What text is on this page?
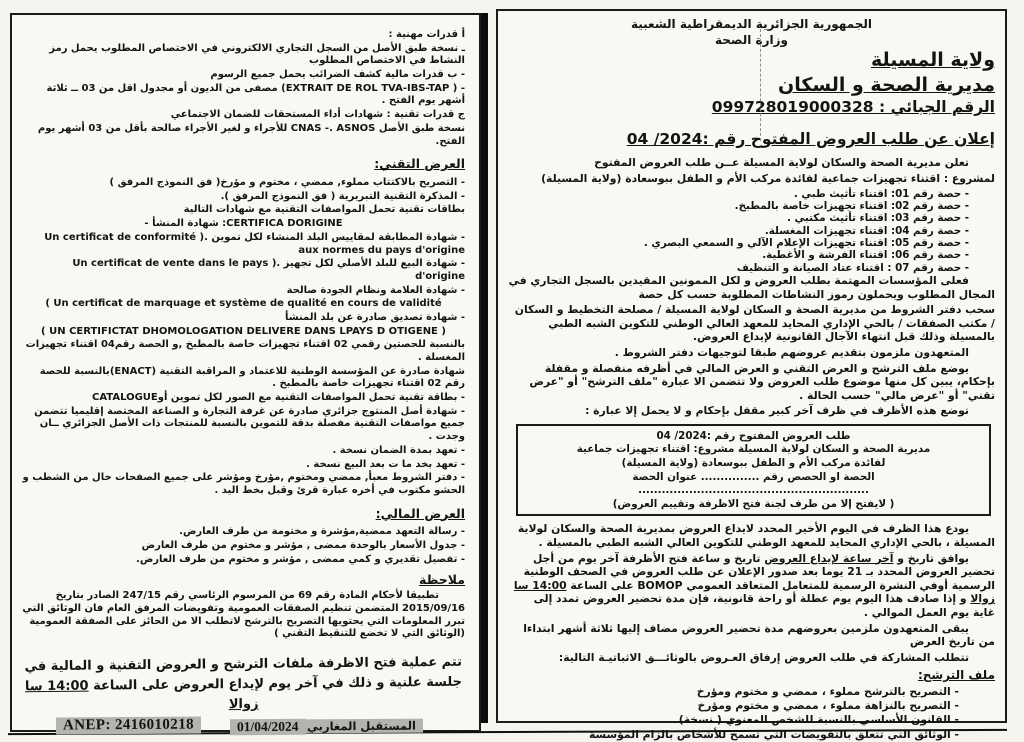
أ قدرات مهنية :
ـ نسخة طبق الأصل من السجل التجاري الالكتروني في الاختصاص المطلوب يحمل رمز النشاط في الاختصاص المطلوب
- ب قدرات مالية كشف الضرائب يحمل جميع الرسوم
- ( EXTRAIT DE ROL TVA-IBS-TAP) مصفى من الديون أو مجدول اقل من 03 ــ ثلاثة أشهر يوم الفتح .
ج قدرات تقنية : شهادات أداء المستحقات للضمان الاجتماعي
نسخة طبق الأصل CNAS -. ASNOS للأجراء و لغير الأجراء صالحة بأقل من 03 أشهر يوم الفتح.
العرض التقني:
- التصريح بالاكتتاب مملوء, ممضي ، مختوم و مؤرخ( فق النموذج المرفق )
- المذكرة التقنية التبريرية ( فق النموذج المرفق ).
بطاقات تقنية تحمل المواصفات التقنية مع شهادات التالية
- شهادة المنشأ :CERTIFICA DORIGINE
- شهادة المطابقة لمقاييس البلد المنشاء لكل تموين .( Un certificat de conformité aux normes du pays d'origine
- شهادة البيع للبلد الأصلي لكل تجهيز .( Un certificat de vente dans le pays d'origine
- شهادة العلامة ونظام الجودة صالحة
( Un certificat de marquage et système de qualité en cours de validité
- شهادة تصديق صادرة عن بلد المنشأ
( UN CERTIFICTAT DHOMOLOGATION DELIVERE DANS LPAYS D OTIGENE )
بالنسبة للحصتين رقمي 02 اقتناء تجهيزات خاصة بالمطبخ ,و الحصة رقم04 اقتناء تجهيزات المغسلة .
شهادة صادرة عن المؤسسة الوطنية للاعتماد و المراقبة التقنية (ENACT)بالنسبة للحصة رقم 02 اقتناء تجهيزات خاصة بالمطبخ .
- بطاقة تقنية تحمل المواصفات التقنية مع الصور لكل تموين أوCATALOGUE
- شهادة أصل المنتوج جزائري صادرة عن غرفة التجارة و الصناعة المختصة إقليميا تتضمن جميع مواصفات التقنية مفصلة بدقة للتموين بالنسبة للمنتجات ذات الأصل الجزائري ــان وجدت .
- تعهد بمدة الضمان نسخة .
- تعهد بخد ما ت بعد البيع نسخة .
- دفتر الشروط معبأ, ممضي ومختوم ,مؤرخ ومؤشر على جميع الصفحات خال من الشطب و الحشو مكتوب في أخره عبارة قرئ وقبل بخط اليد .
العرض المالي:
- رسالة التعهد ممضية,مؤشرة و مختومة من طرف العارض.
- جدول الأسعار بالوحدة ممضى , مؤشر و مختوم من طرف العارض
- تفصيل تقديري و كمي ممضى , مؤشر و مختوم من طرف العارض.
ملاحظة
تطبيقا لأحكام المادة رقم 69 من المرسوم الرئاسي رقم 247/15 الصادر بتاريخ 2015/09/16 المتضمن تنظيم الصفقات العمومية وتفويضات المرفق العام فان الوثائق التي تبرر المعلومات التي يحتويها التصريح بالترشح لاتطلب الا من الحائز على الصفقة العمومية (الوثائق التي لا تخضع للتنقيط التقني )
تتم عملية فتح الاظرفة ملفات الترشح و العروض التقنية و المالية في جلسة علنية و ذلك في آخر يوم لإيداع العروض على الساعة 14:00 سا زوالا
الجمهورية الجزائرية الديمقراطية الشعبية
وزارة الصحة
ولاية المسيلة
مديرية الصحة و السكان
الرقم الجبائي : 099728019000328
إعلان عن طلب العروض المفتوح رقم :2024/ 04
تعلن مديرية الصحة والسكان لولاية المسيلة عــن طلب العروض المفتوح
لمشروع : اقتناء تجهيزات جماعية لفائدة مركب الأم و الطفل ببوسعادة (ولاية المسيلة)
- حصة رقم 01: اقتناء تأثيث طبي .
- حصة رقم 02: اقتناء تجهيزات خاصة بالمطبخ.
- حصة رقم 03: اقتناء تأثيث مكتبي .
- حصة رقم 04: اقتناء تجهيزات المغسلة.
- حصة رقم 05: اقتناء تجهيزات الإعلام الآلي و السمعي البصري .
- حصة رقم 06: اقتناء الفرشة و الأغطية.
- حصة رقم 07 : اقتناء عتاد الصيانة و التنظيف
فعلى المؤسسات المهتمة بطلب العروض و لكل الممونين المقيدين بالسجل التجاري في المجال المطلوب ويحملون رموز النشاطات المطلوبة حسب كل حصة
سحب دفتر الشروط من مديرية الصحة و السكان لولاية المسيلة / مصلحة التخطيط و السكان / مكتب الصفقات / بالحي الإداري المحايد للمعهد العالي الوطني للتكوين الشبه الطبي بالمسيلة وذلك قبل انتهاء الآجال القانونية لإيداع العروض.
المتعهدون ملزمون بتقديم عروضهم طبقا لتوجيهات دفتر الشروط .
يوضع ملف الترشح و العرض التقني و العرض المالي في أظرفه منفصلة و مقفلة بإحكام، يبين كل منها موضوع طلب العروض ولا تتضمن الا عبارة "ملف الترشح" أو "عرض تقني" أو "عرض مالي" حسب الحالة .
توضع هذه الأظرف في ظرف آخر كبير مقفل بإحكام و لا يحمل إلا عبارة :
طلب العروض المفتوح رقم :2024/ 04
مديرية الصحة و السكان لولاية المسيلة مشروع: اقتناء تجهيزات جماعية
لفائدة مركب الأم و الطفل ببوسعادة (ولاية المسيلة)
الحصة او الحصص رقم ............... عنوان الحصة ...........................................................
( لايفتح إلا من طرف لجنة فتح الاظرفة وتقييم العروض)
يودع هذا الظرف في اليوم الأخير المحدد لايداع العروض بمديرية الصحة والسكان لولاية المسيلة ، بالحي الإداري المحايد للمعهد الوطني للتكوين العالي الشبه الطبي بالمسيلة .
يوافق تاريخ و آخر ساعة لإيداع العروض تاريخ و ساعة فتح الأظرفة آخر يوم من أجل تحضير العروض المحدد بـ 21 يوما بعد صدور الإعلان عن طلب العروض في الصحف الوطنية الرسمية أوفي النشرة الرسمية للمتعامل المتعاقد العمومي BOMOP على الساعة 14:00 سا زوالا و إذا صادف هذا اليوم يوم عطلة أو راحة قانونية، فإن مدة تحضير العروض تمدد إلى غاية يوم العمل الموالي .
يبقى المتعهدون ملزمين بعروضهم مدة تحضير العروض مضاف إليها ثلاثة أشهر ابتداءا من تاريخ العرض
تتطلب المشاركة في طلب العروض إرفاق العـروض بالوثائـــق الاثباتيـة التالية:
ملف الترشح:
- التصريح بالترشح مملوء ، ممضي و مختوم ومؤرخ
- التصريح بالنزاهة مملوء ، ممضي و مختوم ومؤرخ
- القانون الأساسي بالنسبة للشخص المعنوي ( نسخة)
- الوثائق التي تتعلق بالتفويضات التي تسمح للأشخاص بالزام المؤسسة
ANEP: 2416010218	01/04/2024 المستقبل المغاربي
